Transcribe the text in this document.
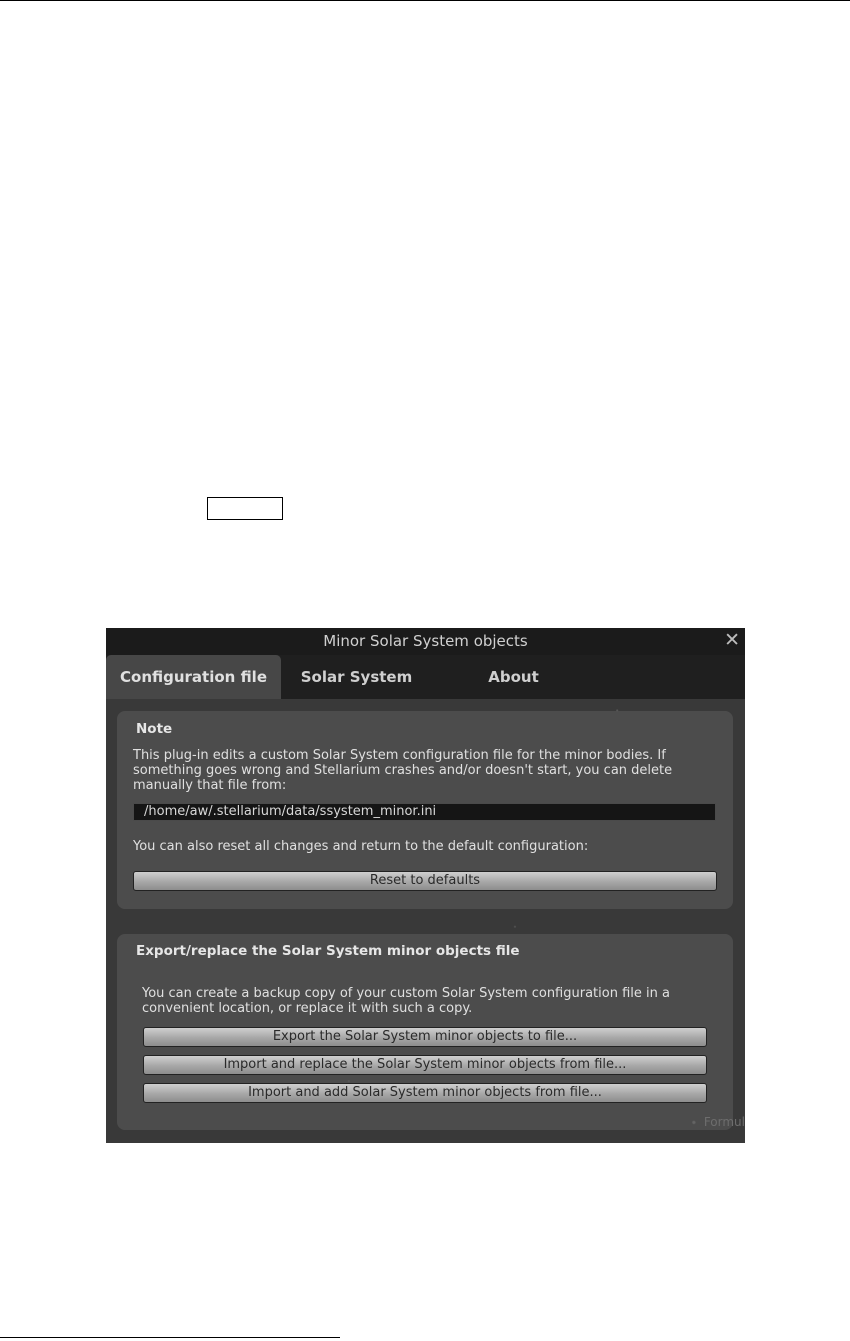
Minor Solar System objects	✕
Configuration file	Solar System	About
Note
This plug-in edits a custom Solar System configuration file for the minor bodies. If
something goes wrong and Stellarium crashes and/or doesn't start, you can delete
manually that file from:
/home/aw/.stellarium/data/ssystem_minor.ini
You can also reset all changes and return to the default configuration:
Reset to defaults
Export/replace the Solar System minor objects file
You can create a backup copy of your custom Solar System configuration file in a
convenient location, or replace it with such a copy.
Export the Solar System minor objects to file...
Import and replace the Solar System minor objects from file...
Import and add Solar System minor objects from file...
Formul
